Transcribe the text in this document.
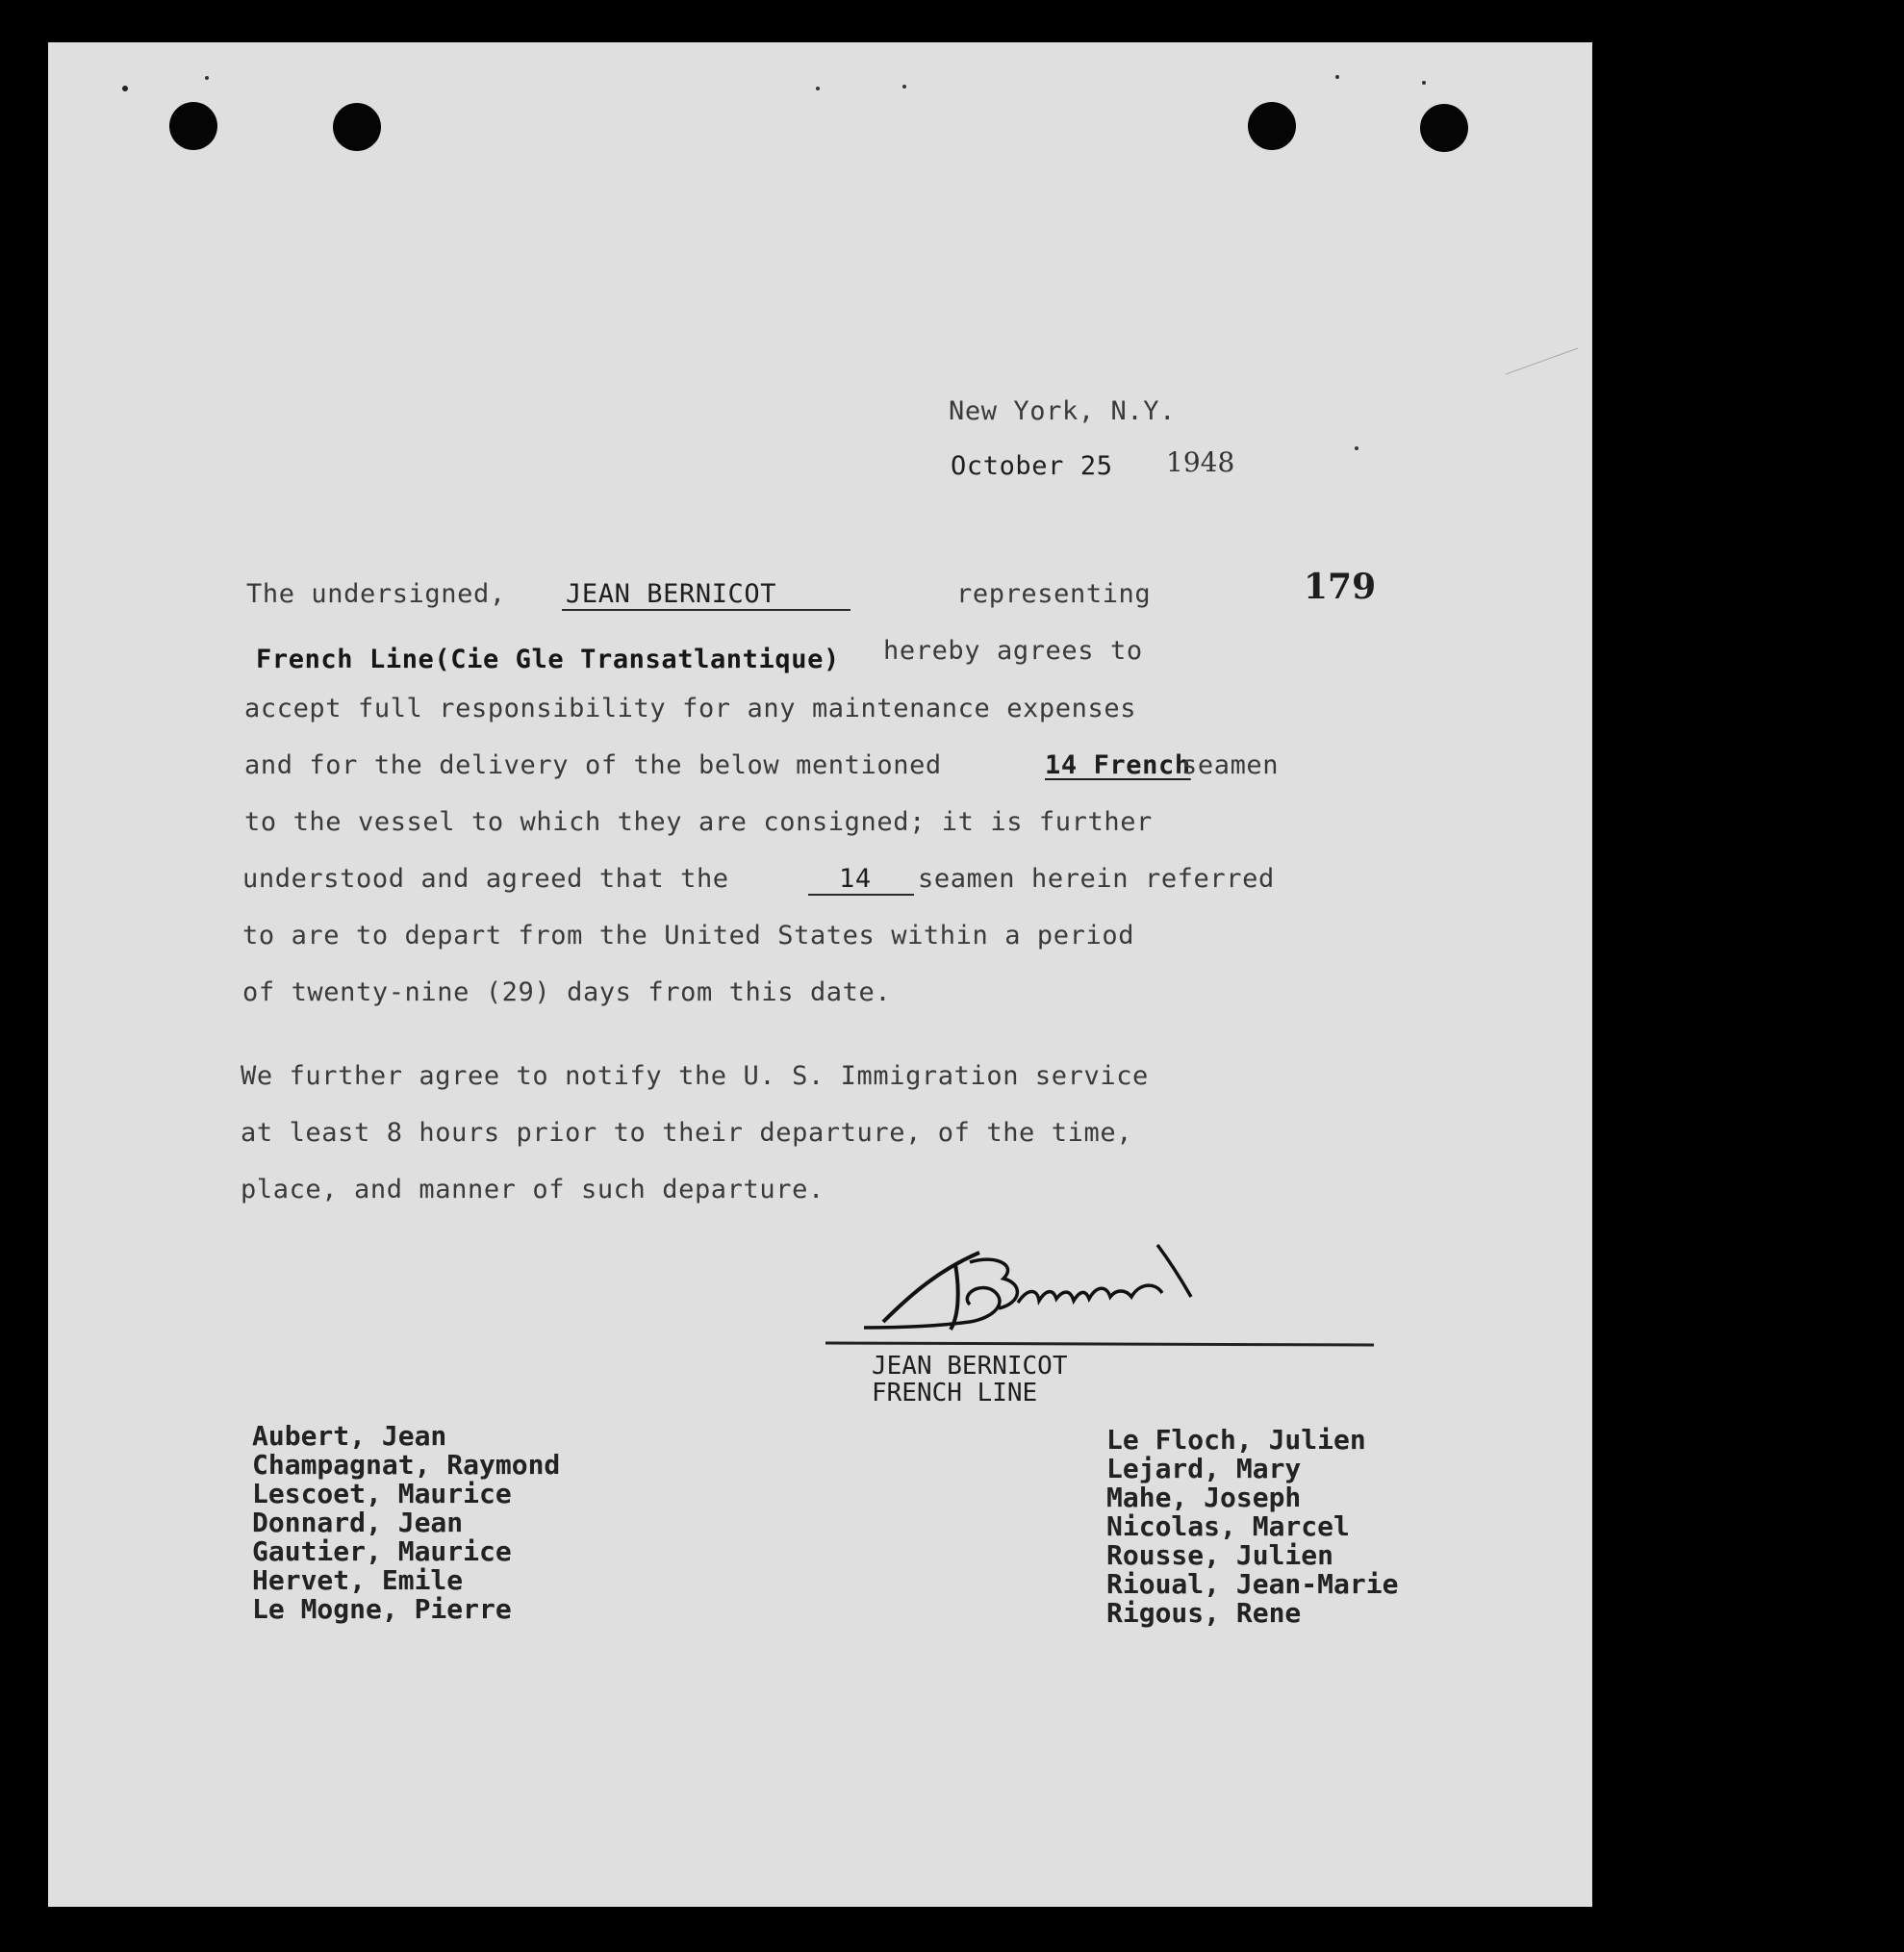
New York, N.Y.
October 25 1948
179
The undersigned, JEAN BERNICOT	representing
French Line(Cie Gle Transatlantique) hereby agrees to
accept full responsibility for any maintenance expenses
and for the delivery of the below mentioned	14 French
seamen
to the vessel to which they are consigned; it is further
understood and agreed that the	14 seamen herein referred
to are to depart from the United States within a period
of twenty-nine (29) days from this date.
We further agree to notify the U. S. Immigration service
at least 8 hours prior to their departure, of the time,
place, and manner of such departure.
JEAN BERNICOT
FRENCH LINE
Aubert, Jean
Champagnat, Raymond
Lescoet, Maurice
Donnard, Jean
Gautier, Maurice
Hervet, Emile
Le Mogne, Pierre
Le Floch, Julien
Lejard, Mary
Mahe, Joseph
Nicolas, Marcel
Rousse, Julien
Rioual, Jean-Marie
Rigous, Rene
